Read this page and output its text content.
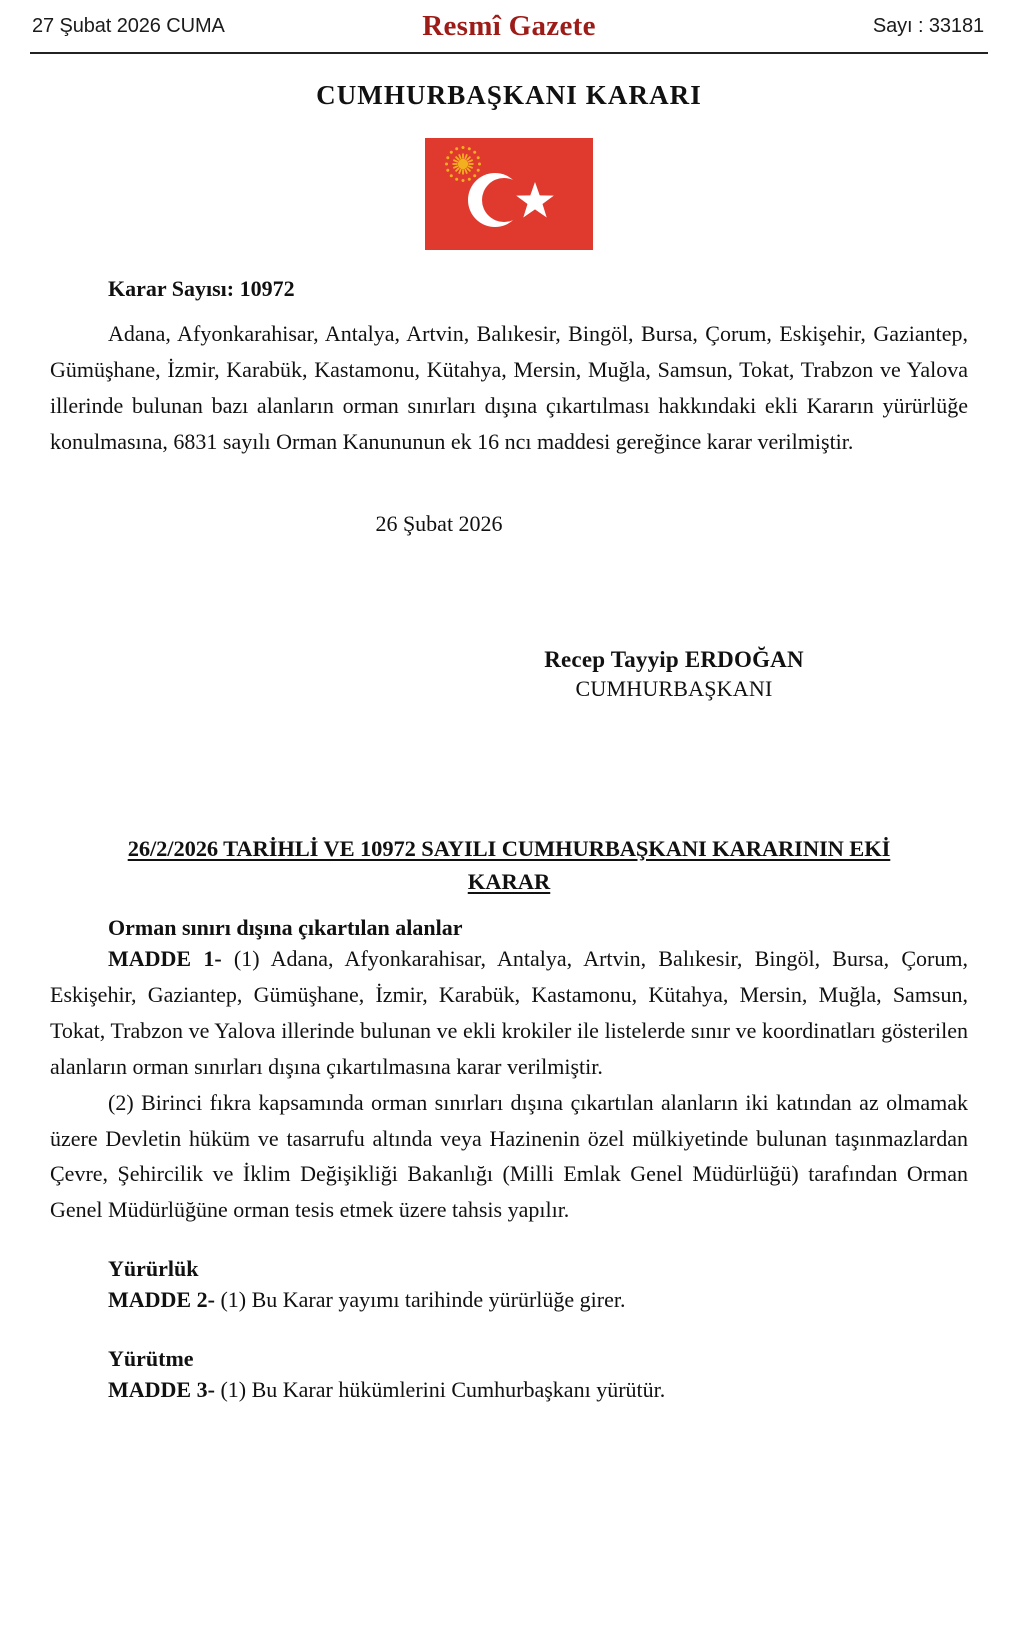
27 Şubat 2026 CUMA	Resmî Gazete	Sayı : 33181
CUMHURBAŞKANI KARARI
Karar Sayısı: 10972

Adana, Afyonkarahisar, Antalya, Artvin, Balıkesir, Bingöl, Bursa, Çorum, Eskişehir, Gaziantep, Gümüşhane, İzmir, Karabük, Kastamonu, Kütahya, Mersin, Muğla, Samsun, Tokat, Trabzon ve Yalova illerinde bulunan bazı alanların orman sınırları dışına çıkartılması hakkındaki ekli Kararın yürürlüğe konulmasına, 6831 sayılı Orman Kanununun ek 16 ncı maddesi gereğince karar verilmiştir.

26 Şubat 2026
Recep Tayyip ERDOĞAN
CUMHURBAŞKANI
26/2/2026 TARİHLİ VE 10972 SAYILI CUMHURBAŞKANI KARARININ EKİ
KARAR
Orman sınırı dışına çıkartılan alanlar

MADDE 1- (1) Adana, Afyonkarahisar, Antalya, Artvin, Balıkesir, Bingöl, Bursa, Çorum, Eskişehir, Gaziantep, Gümüşhane, İzmir, Karabük, Kastamonu, Kütahya, Mersin, Muğla, Samsun, Tokat, Trabzon ve Yalova illerinde bulunan ve ekli krokiler ile listelerde sınır ve koordinatları gösterilen alanların orman sınırları dışına çıkartılmasına karar verilmiştir.

(2) Birinci fıkra kapsamında orman sınırları dışına çıkartılan alanların iki katından az olmamak üzere Devletin hüküm ve tasarrufu altında veya Hazinenin özel mülkiyetinde bulunan taşınmazlardan Çevre, Şehircilik ve İklim Değişikliği Bakanlığı (Milli Emlak Genel Müdürlüğü) tarafından Orman Genel Müdürlüğüne orman tesis etmek üzere tahsis yapılır.

Yürürlük

MADDE 2- (1) Bu Karar yayımı tarihinde yürürlüğe girer.

Yürütme

MADDE 3- (1) Bu Karar hükümlerini Cumhurbaşkanı yürütür.
